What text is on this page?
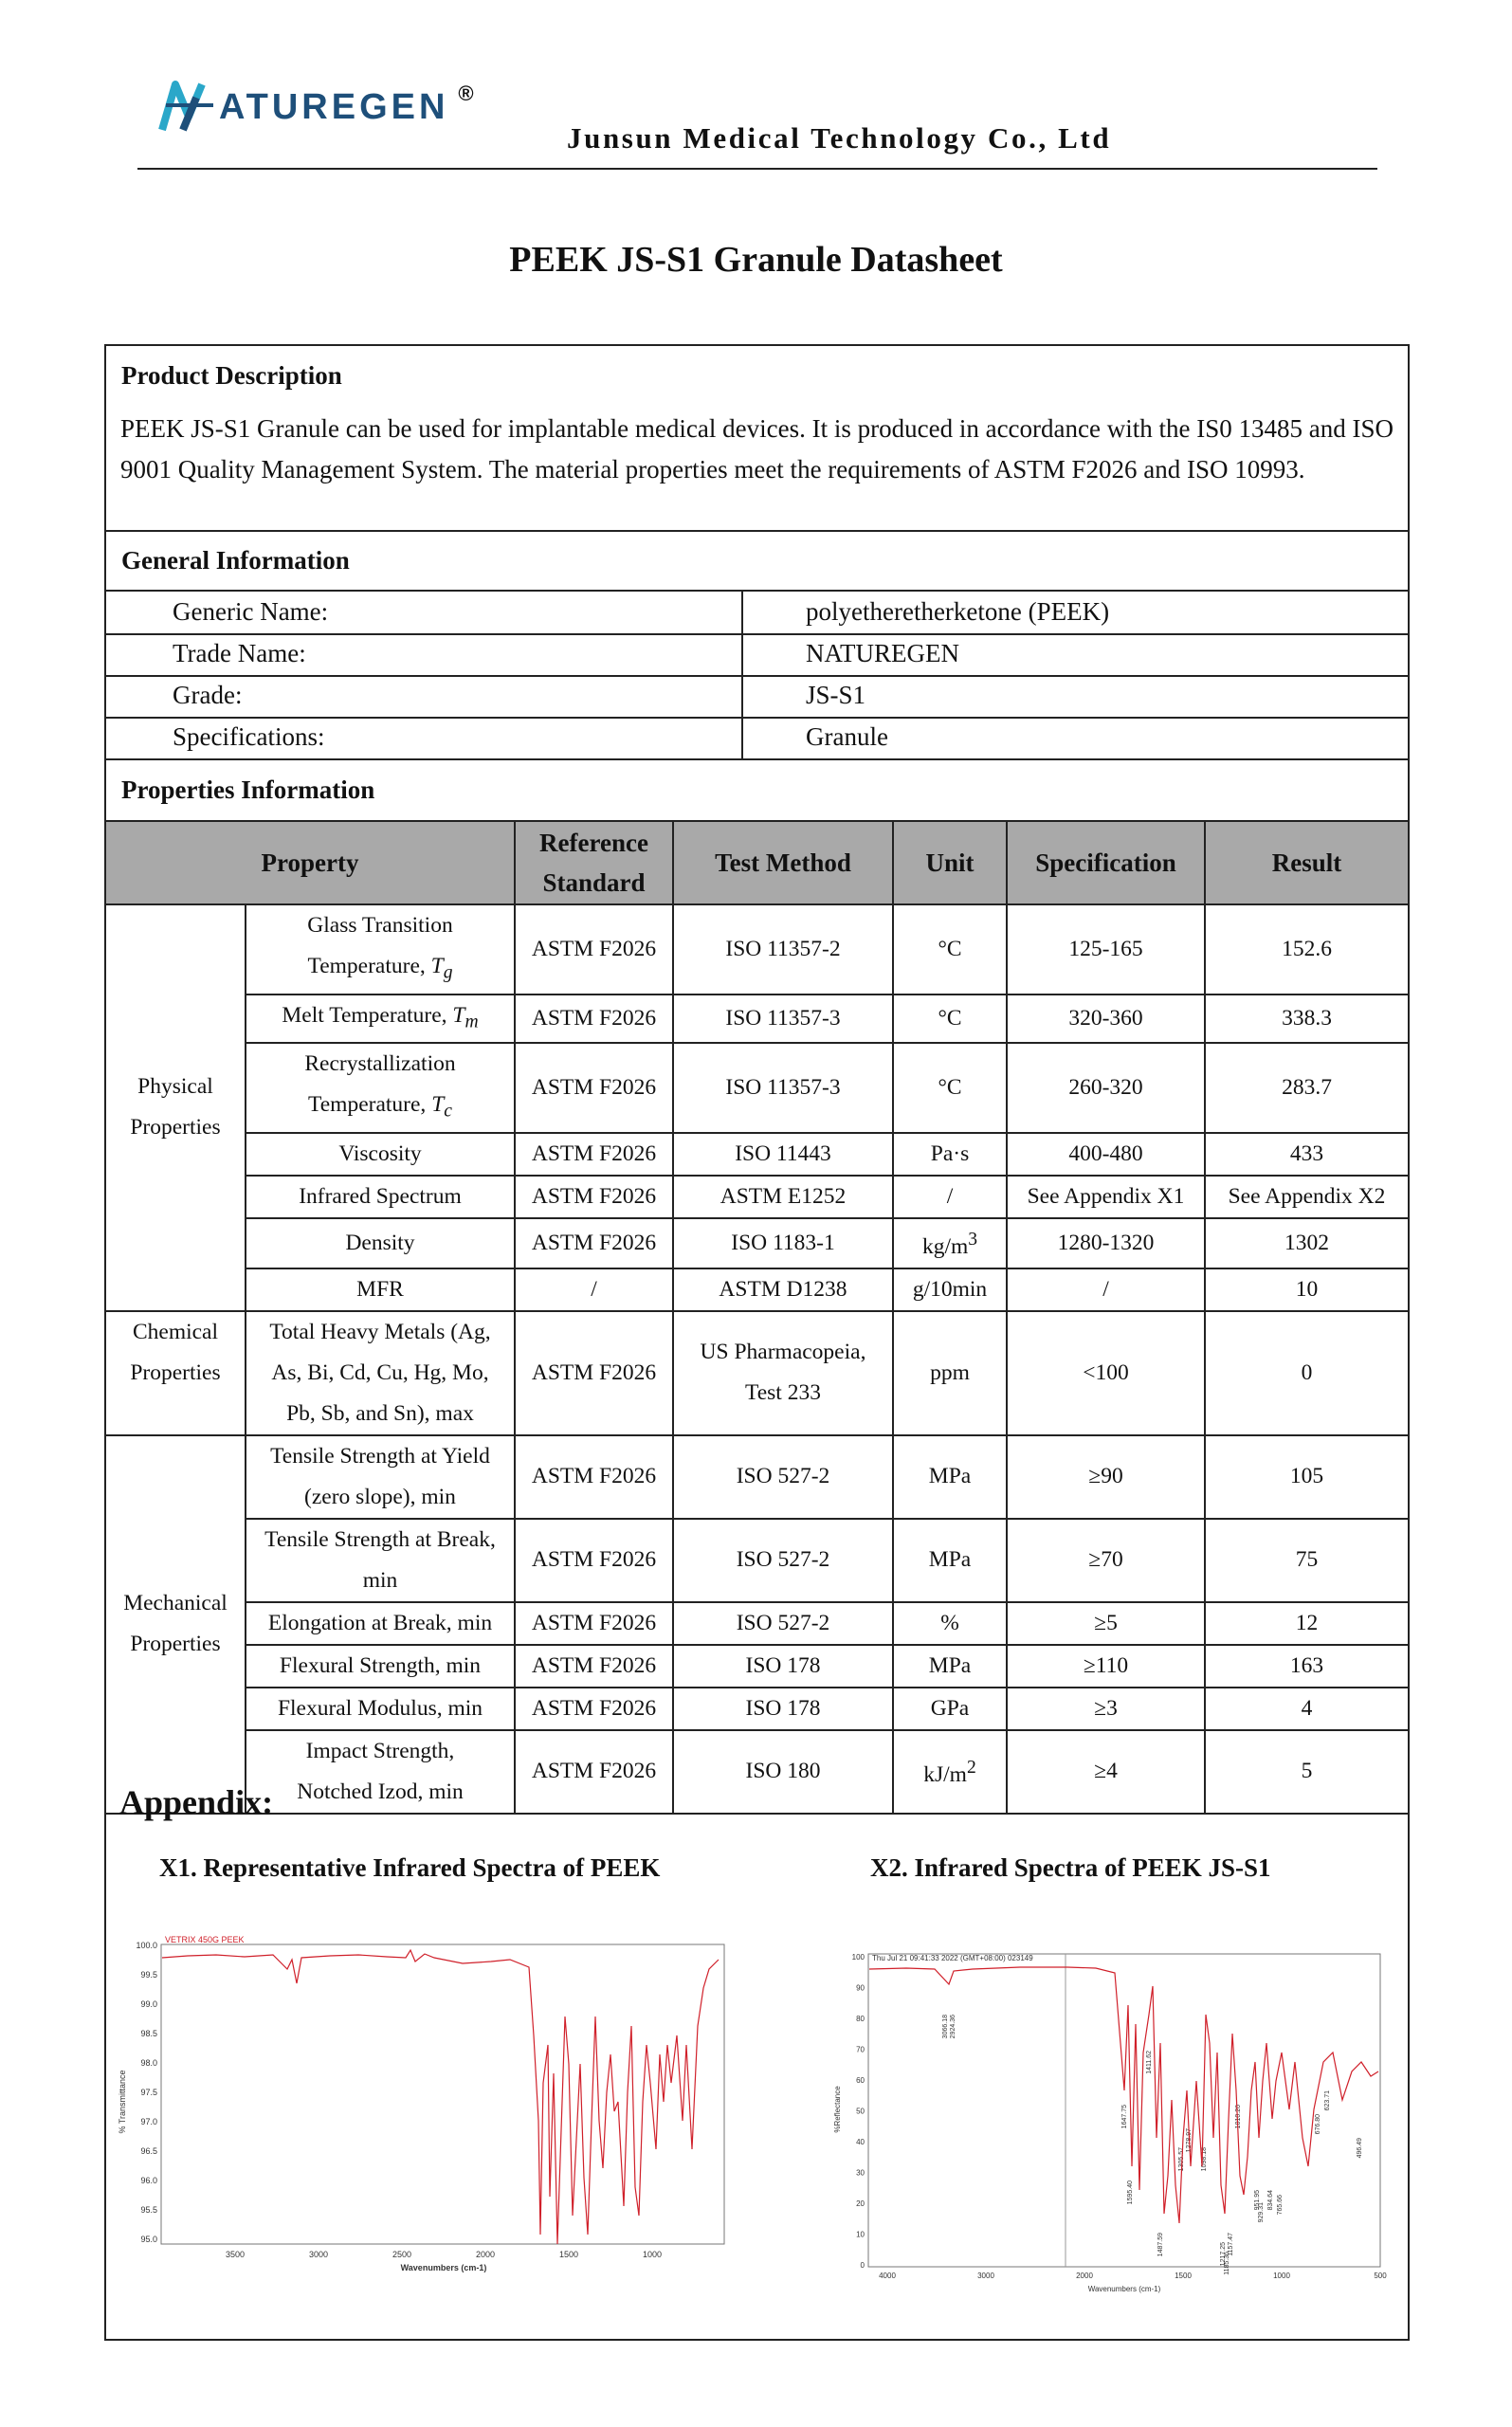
ATUREGEN ®
Junsun Medical Technology Co., Ltd
PEEK JS-S1 Granule Datasheet
Product Description
PEEK JS-S1 Granule can be used for implantable medical devices. It is produced in accordance with the IS0 13485 and ISO 9001 Quality Management System. The material properties meet the requirements of ASTM F2026 and ISO 10993.
General Information
Generic Name:	polyetheretherketone (PEEK)
Trade Name:	NATUREGEN
Grade:	JS-S1
Specifications:	Granule
Properties Information
Property		Reference
Standard	Test Method	Unit	Specification	Result
Physical
Properties	Glass Transition
Temperature, $T_g$	ASTM F2026	ISO 11357-2	°C	125-165	152.6
	Melt Temperature, $T_m$	ASTM F2026	ISO 11357-3	°C	320-360	338.3
	Recrystallization
Temperature, $T_c$	ASTM F2026	ISO 11357-3	°C	260-320	283.7
	Viscosity	ASTM F2026	ISO 11443	Pa·s	400-480	433
	Infrared Spectrum	ASTM F2026	ASTM E1252	/	See Appendix X1	See Appendix X2
	Density	ASTM F2026	ISO 1183-1	$kg/m^3$	1280-1320	1302
	MFR	/	ASTM D1238	g/10min	/	10
Chemical
Properties	Total Heavy Metals (Ag,
As, Bi, Cd, Cu, Hg, Mo,
Pb, Sb, and Sn), max	ASTM F2026	US Pharmacopeia,
Test 233	ppm	<100	0
Mechanical
Properties	Tensile Strength at Yield
(zero slope), min	ASTM F2026	ISO 527-2	MPa	≥90	105
	Tensile Strength at Break,
min	ASTM F2026	ISO 527-2	MPa	≥70	75
	Elongation at Break, min	ASTM F2026	ISO 527-2	%	≥5	12
	Flexural Strength, min	ASTM F2026	ISO 178	MPa	≥110	163
	Flexural Modulus, min	ASTM F2026	ISO 178	GPa	≥3	4
	Impact Strength,
Notched Izod, min	ASTM F2026	ISO 180	$kJ/m^2$	≥4	5
Appendix:
X1. Representative Infrared Spectra of PEEK	X2. Infrared Spectra of PEEK JS-S1
VETRIX 450G PEEK
100.0
99.5
99.0
98.5
98.0
97.5
97.0
96.5
96.0
95.5
95.0
3500	3000	2500	2000	1500	1000
% Transmittance
Wavenumbers (cm-1)
Thu Jul 21 09:41:33 2022 (GMT+08:00) 023149
100
90
80
70
60
50
40
30
20
10
0
4000	3000	2000	1500	1000	500
%Reflectance
Wavenumbers (cm-1)
3066.18 2924.36
1647.75
1411.62
1595.40
1487.59
1305.57
1278.97
1098.18
1217.25
1185.36
1157.47
1010.26
951.95
929.31
834.64 765.66
676.80
623.71
496.49
